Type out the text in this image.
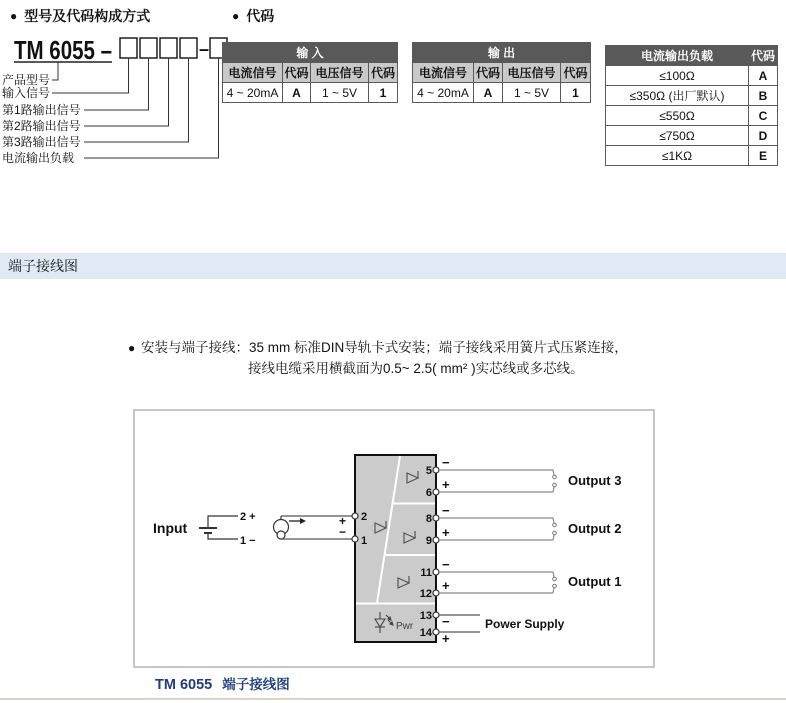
● 型号及代码构成方式	● 代码
TM 6055 –	–
产品型号
输入信号
第1路输出信号
第2路输出信号
第3路输出信号
电流输出负载
输 入			
电流信号	代码	电压信号	代码
4 ~ 20mA	A	1 ~ 5V	1
输 出			
电流信号	代码	电压信号	代码
4 ~ 20mA	A	1 ~ 5V	1
电流输出负载	代码
≤100Ω	A
≤350Ω (出厂默认)	B
≤550Ω	C
≤750Ω	D
≤1KΩ	E
端子接线图
● 安装与端子接线：35 mm 标准DIN导轨卡式安装；端子接线采用簧片式压紧连接，
接线电缆采用横截面为0.5~ 2.5( mm² )实芯线或多芯线。
Input
2 +
1 −
+
−
2
1
5
6
8
9
11
12
13
14
−
+
−
+
−
+
−
+
Output 3
Output 2
Output 1
Power Supply
Pwr
TM 6055 端子接线图
